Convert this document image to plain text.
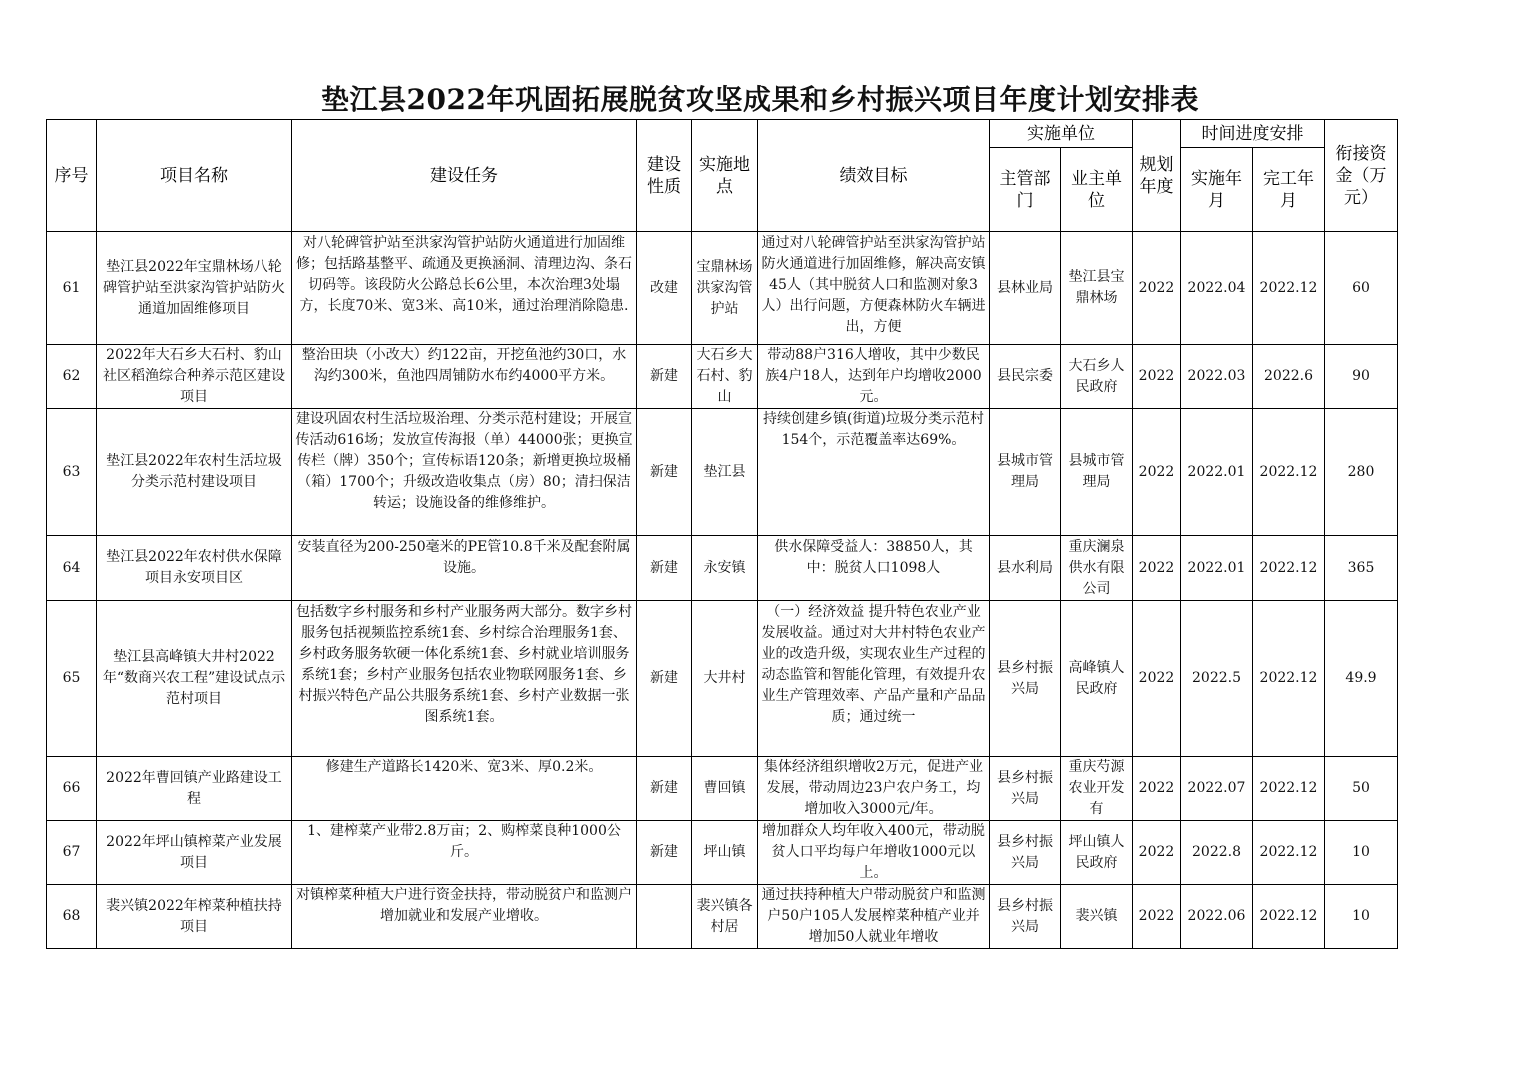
垫江县2022年巩固拓展脱贫攻坚成果和乡村振兴项目年度计划安排表
序号	项目名称	建设任务	建设性质	实施地点	绩效目标	实施单位		规划年度	时间进度安排		衔接资金（万元）
						主管部门	业主单位		实施年月	完工年月	
61	垫江县2022年宝鼎林场八轮碑管护站至洪家沟管护站防火通道加固维修项目	对八轮碑管护站至洪家沟管护站防火通道进行加固维修；包括路基整平、疏通及更换涵洞、清理边沟、条石切码等。该段防火公路总长6公里，本次治理3处塌方，长度70米、宽3米、高10米，通过治理消除隐患.	改建	宝鼎林场洪家沟管护站	通过对八轮碑管护站至洪家沟管护站防火通道进行加固维修，解决高安镇45人（其中脱贫人口和监测对象3人）出行问题，方便森林防火车辆进出，方便	县林业局	垫江县宝鼎林场	2022	2022.04	2022.12	60
62	2022年大石乡大石村、豹山社区稻渔综合种养示范区建设项目	整治田块（小改大）约122亩，开挖鱼池约30口，水沟约300米，鱼池四周铺防水布约4000平方米。	新建	大石乡大石村、豹山	带动88户316人增收，其中少数民族4户18人，达到年户均增收2000元。	县民宗委	大石乡人民政府	2022	2022.03	2022.6	90
63	垫江县2022年农村生活垃圾分类示范村建设项目	建设巩固农村生活垃圾治理、分类示范村建设；开展宣传活动616场；发放宣传海报（单）44000张；更换宣传栏（牌）350个；宣传标语120条；新增更换垃圾桶（箱）1700个；升级改造收集点（房）80；清扫保洁转运；设施设备的维修维护。	新建	垫江县	持续创建乡镇(街道)垃圾分类示范村154个，示范覆盖率达69%。	县城市管理局	县城市管理局	2022	2022.01	2022.12	280
64	垫江县2022年农村供水保障项目永安项目区	安装直径为200-250毫米的PE管10.8千米及配套附属设施。	新建	永安镇	供水保障受益人：38850人，其中：脱贫人口1098人	县水利局	重庆澜泉供水有限公司	2022	2022.01	2022.12	365
65	垫江县高峰镇大井村2022年“数商兴农工程”建设试点示范村项目	包括数字乡村服务和乡村产业服务两大部分。数字乡村服务包括视频监控系统1套、乡村综合治理服务1套、乡村政务服务软硬一体化系统1套、乡村就业培训服务系统1套；乡村产业服务包括农业物联网服务1套、乡村振兴特色产品公共服务系统1套、乡村产业数据一张图系统1套。	新建	大井村	（一）经济效益 提升特色农业产业发展收益。通过对大井村特色农业产业的改造升级，实现农业生产过程的动态监管和智能化管理，有效提升农业生产管理效率、产品产量和产品品质；通过统一	县乡村振兴局	高峰镇人民政府	2022	2022.5	2022.12	49.9
66	2022年曹回镇产业路建设工程	修建生产道路长1420米、宽3米、厚0.2米。	新建	曹回镇	集体经济组织增收2万元，促进产业发展，带动周边23户农户务工，均增加收入3000元/年。	县乡村振兴局	重庆芍源农业开发有	2022	2022.07	2022.12	50
67	2022年坪山镇榨菜产业发展项目	1、建榨菜产业带2.8万亩；2、购榨菜良种1000公斤。	新建	坪山镇	增加群众人均年收入400元，带动脱贫人口平均每户年增收1000元以上。	县乡村振兴局	坪山镇人民政府	2022	2022.8	2022.12	10
68	裴兴镇2022年榨菜种植扶持项目	对镇榨菜种植大户进行资金扶持，带动脱贫户和监测户增加就业和发展产业增收。		裴兴镇各村居	通过扶持种植大户带动脱贫户和监测户50户105人发展榨菜种植产业并增加50人就业年增收	县乡村振兴局	裴兴镇	2022	2022.06	2022.12	10
